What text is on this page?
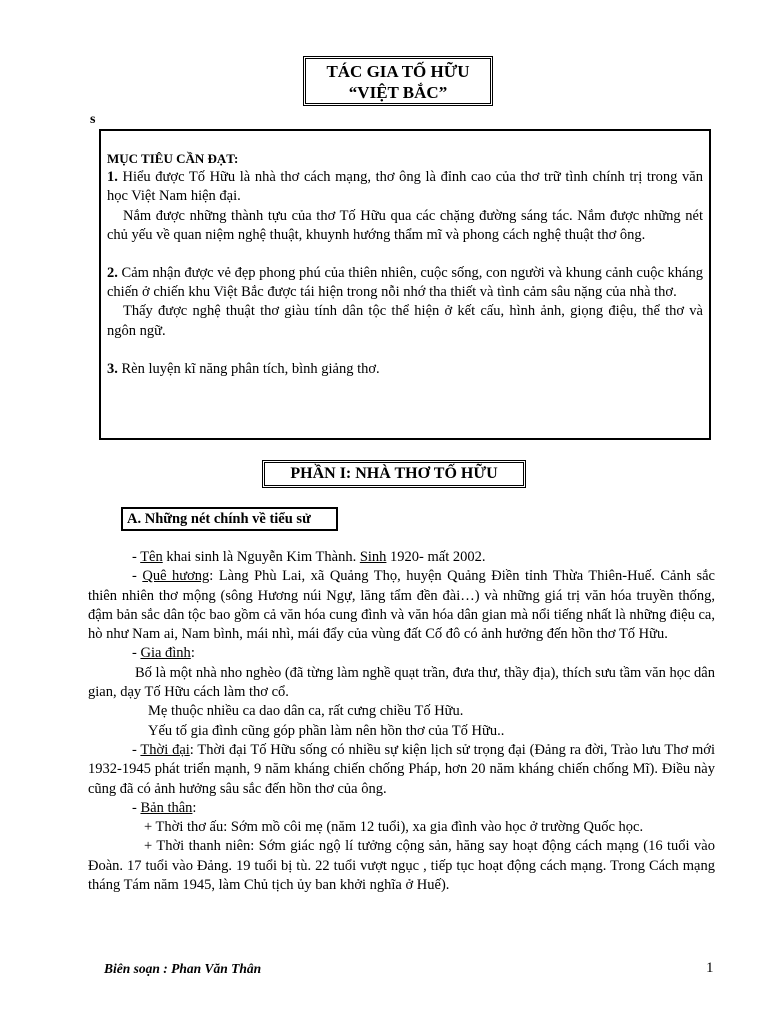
TÁC GIA TỐ HỮU
“VIỆT BẮC”
s

MỤC TIÊU CẦN ĐẠT:

1. Hiểu được Tố Hữu là nhà thơ cách mạng, thơ ông là đỉnh cao của thơ trữ tình chính trị trong văn học Việt Nam hiện đại.

Nắm được những thành tựu của thơ Tố Hữu qua các chặng đường sáng tác. Nắm được những nét chủ yếu về quan niệm nghệ thuật, khuynh hướng thẩm mĩ và phong cách nghệ thuật thơ ông.

2. Cảm nhận được vẻ đẹp phong phú của thiên nhiên, cuộc sống, con người và khung cảnh cuộc kháng chiến ở chiến khu Việt Bắc được tái hiện trong nỗi nhớ tha thiết và tình cảm sâu nặng của nhà thơ.

Thấy được nghệ thuật thơ giàu tính dân tộc thể hiện ở kết cấu, hình ảnh, giọng điệu, thể thơ và ngôn ngữ.

3. Rèn luyện kĩ năng phân tích, bình giảng thơ.

PHẦN I: NHÀ THƠ TỐ HỮU
A. Những nét chính về tiểu sử

- Tên khai sinh là Nguyễn Kim Thành. Sinh 1920- mất 2002.

- Quê hương: Làng Phù Lai, xã Quảng Thọ, huyện Quảng Điền tỉnh Thừa Thiên-Huế. Cảnh sắc thiên nhiên thơ mộng (sông Hương núi Ngự, lăng tẩm đền đài…) và những giá trị văn hóa truyền thống, đậm bản sắc dân tộc bao gồm cả văn hóa cung đình và văn hóa dân gian mà nổi tiếng nhất là những điệu ca, hò như Nam ai, Nam bình, mái nhì, mái đẩy của vùng đất Cố đô có ảnh hưởng đến hồn thơ Tố Hữu.

- Gia đình:

Bố là một nhà nho nghèo (đã từng làm nghề quạt trần, đưa thư, thầy địa), thích sưu tầm văn học dân gian, dạy Tố Hữu cách làm thơ cổ.

Mẹ thuộc nhiều ca dao dân ca, rất cưng chiều Tố Hữu.

Yếu tố gia đình cũng góp phần làm nên hồn thơ của Tố Hữu..

- Thời đại: Thời đại Tố Hữu sống có nhiều sự kiện lịch sử trọng đại (Đảng ra đời, Trào lưu Thơ mới 1932-1945 phát triển mạnh, 9 năm kháng chiến chống Pháp, hơn 20 năm kháng chiến chống Mĩ). Điều này cũng đã có ảnh hưởng sâu sắc đến hồn thơ của ông.

- Bản thân:

+ Thời thơ ấu: Sớm mồ côi mẹ (năm 12 tuổi), xa gia đình vào học ở trường Quốc học.

+ Thời thanh niên: Sớm giác ngộ lí tưởng cộng sản, hăng say hoạt động cách mạng (16 tuổi vào Đoàn. 17 tuổi vào Đảng. 19 tuổi bị tù. 22 tuổi vượt ngục , tiếp tục hoạt động cách mạng. Trong Cách mạng tháng Tám năm 1945, làm Chủ tịch ủy ban khởi nghĩa ở Huế).

Biên soạn : Phan Văn Thân	1
